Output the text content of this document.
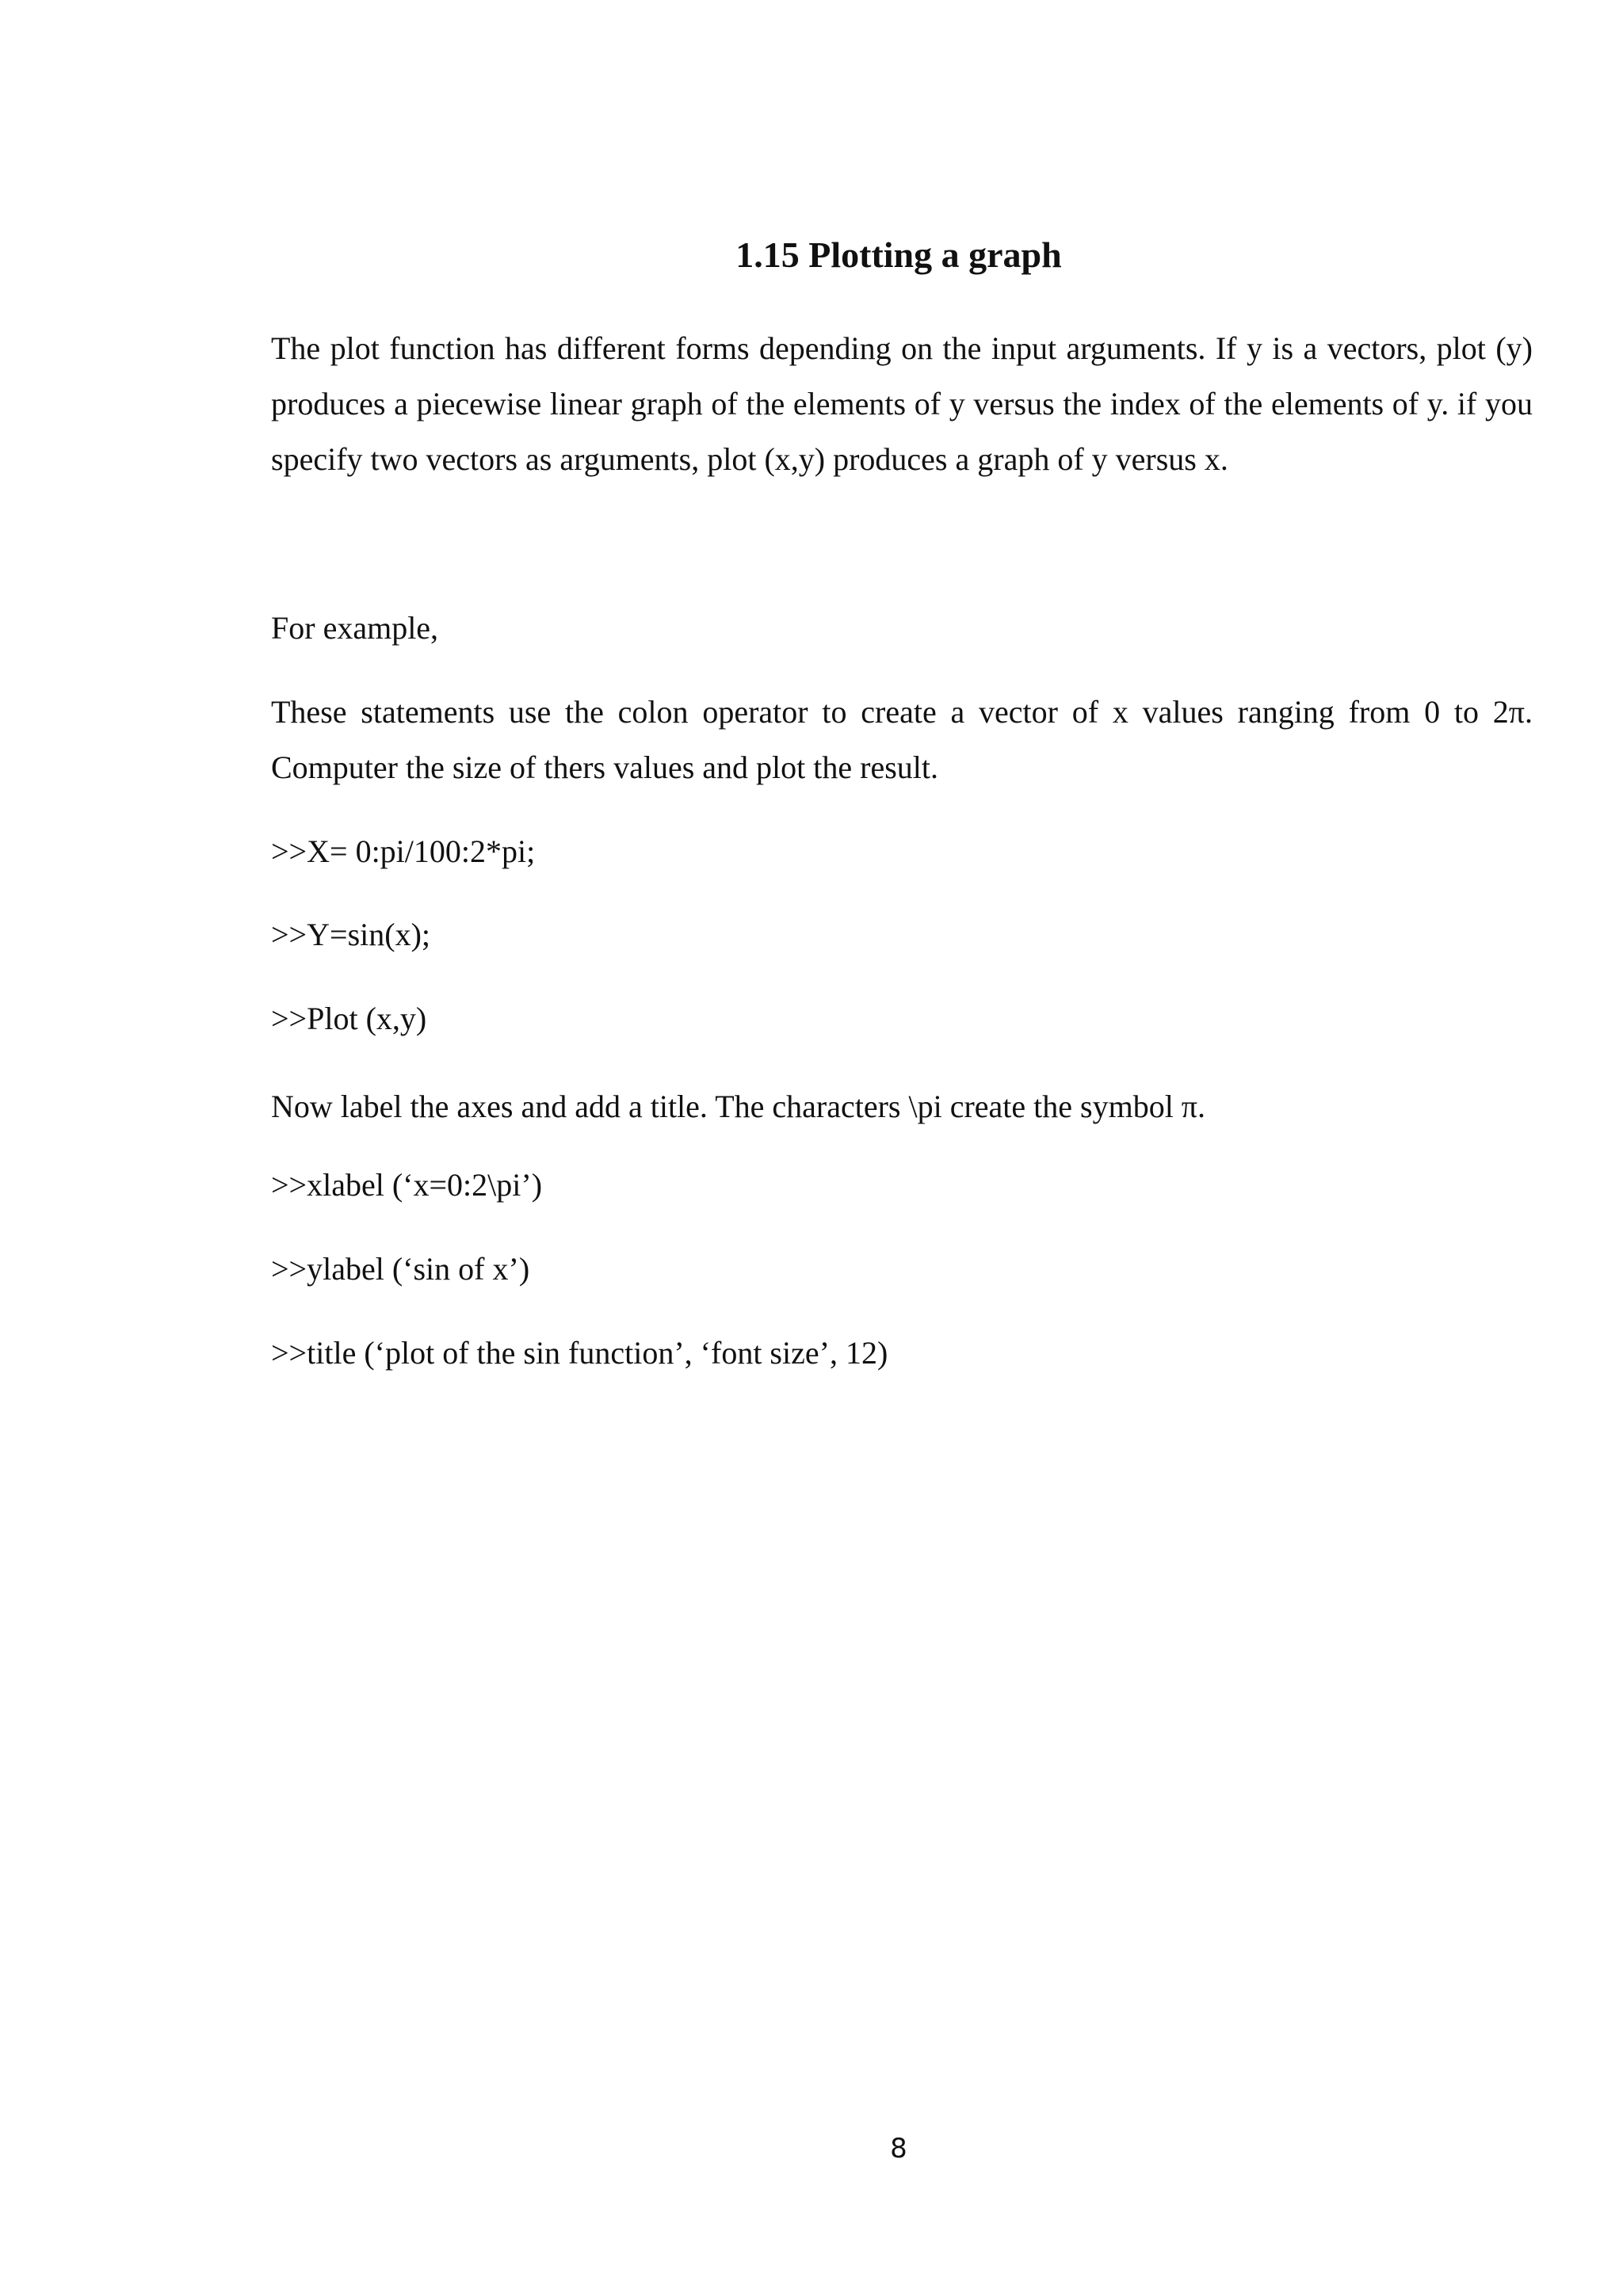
1.15 Plotting a graph

The plot function has different forms depending on the input arguments. If y is a vectors, plot (y) produces a piecewise linear graph of the elements of y versus the index of the elements of y. if you specify two vectors as arguments, plot (x,y) produces a graph of y versus x.

For example,

These statements use the colon operator to create a vector of x values ranging from 0 to 2π. Computer the size of thers values and plot the result.

>>X= 0:pi/100:2*pi;

>>Y=sin(x);

>>Plot (x,y)

Now label the axes and add a title. The characters \pi create the symbol π.

>>xlabel (‘x=0:2\pi’)

>>ylabel (‘sin of x’)

>>title (‘plot of the sin function’, ‘font size’, 12)

8
